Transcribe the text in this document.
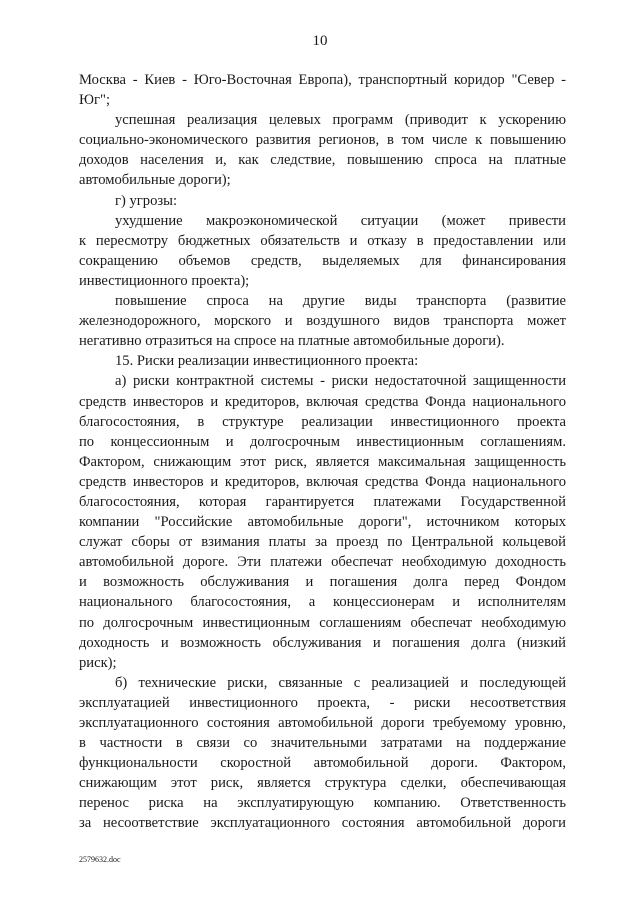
10
Москва - Киев - Юго-Восточная Европа), транспортный коридор "Север -
Юг";
успешная реализация целевых программ (приводит к ускорению
социально-экономического развития регионов, в том числе к повышению
доходов населения и, как следствие, повышению спроса на платные
автомобильные дороги);
г) угрозы:
ухудшение макроэкономической ситуации (может привести
к пересмотру бюджетных обязательств и отказу в предоставлении или
сокращению объемов средств, выделяемых для финансирования
инвестиционного проекта);
повышение спроса на другие виды транспорта (развитие
железнодорожного, морского и воздушного видов транспорта может
негативно отразиться на спросе на платные автомобильные дороги).
15. Риски реализации инвестиционного проекта:
а) риски контрактной системы - риски недостаточной защищенности
средств инвесторов и кредиторов, включая средства Фонда национального
благосостояния, в структуре реализации инвестиционного проекта
по концессионным и долгосрочным инвестиционным соглашениям.
Фактором, снижающим этот риск, является максимальная защищенность
средств инвесторов и кредиторов, включая средства Фонда национального
благосостояния, которая гарантируется платежами Государственной
компании "Российские автомобильные дороги", источником которых
служат сборы от взимания платы за проезд по Центральной кольцевой
автомобильной дороге. Эти платежи обеспечат необходимую доходность
и возможность обслуживания и погашения долга перед Фондом
национального благосостояния, а концессионерам и исполнителям
по долгосрочным инвестиционным соглашениям обеспечат необходимую
доходность и возможность обслуживания и погашения долга (низкий
риск);
б) технические риски, связанные с реализацией и последующей
эксплуатацией инвестиционного проекта, - риски несоответствия
эксплуатационного состояния автомобильной дороги требуемому уровню,
в частности в связи со значительными затратами на поддержание
функциональности скоростной автомобильной дороги. Фактором,
снижающим этот риск, является структура сделки, обеспечивающая
перенос риска на эксплуатирующую компанию. Ответственность
за несоответствие эксплуатационного состояния автомобильной дороги
2579632.doc
